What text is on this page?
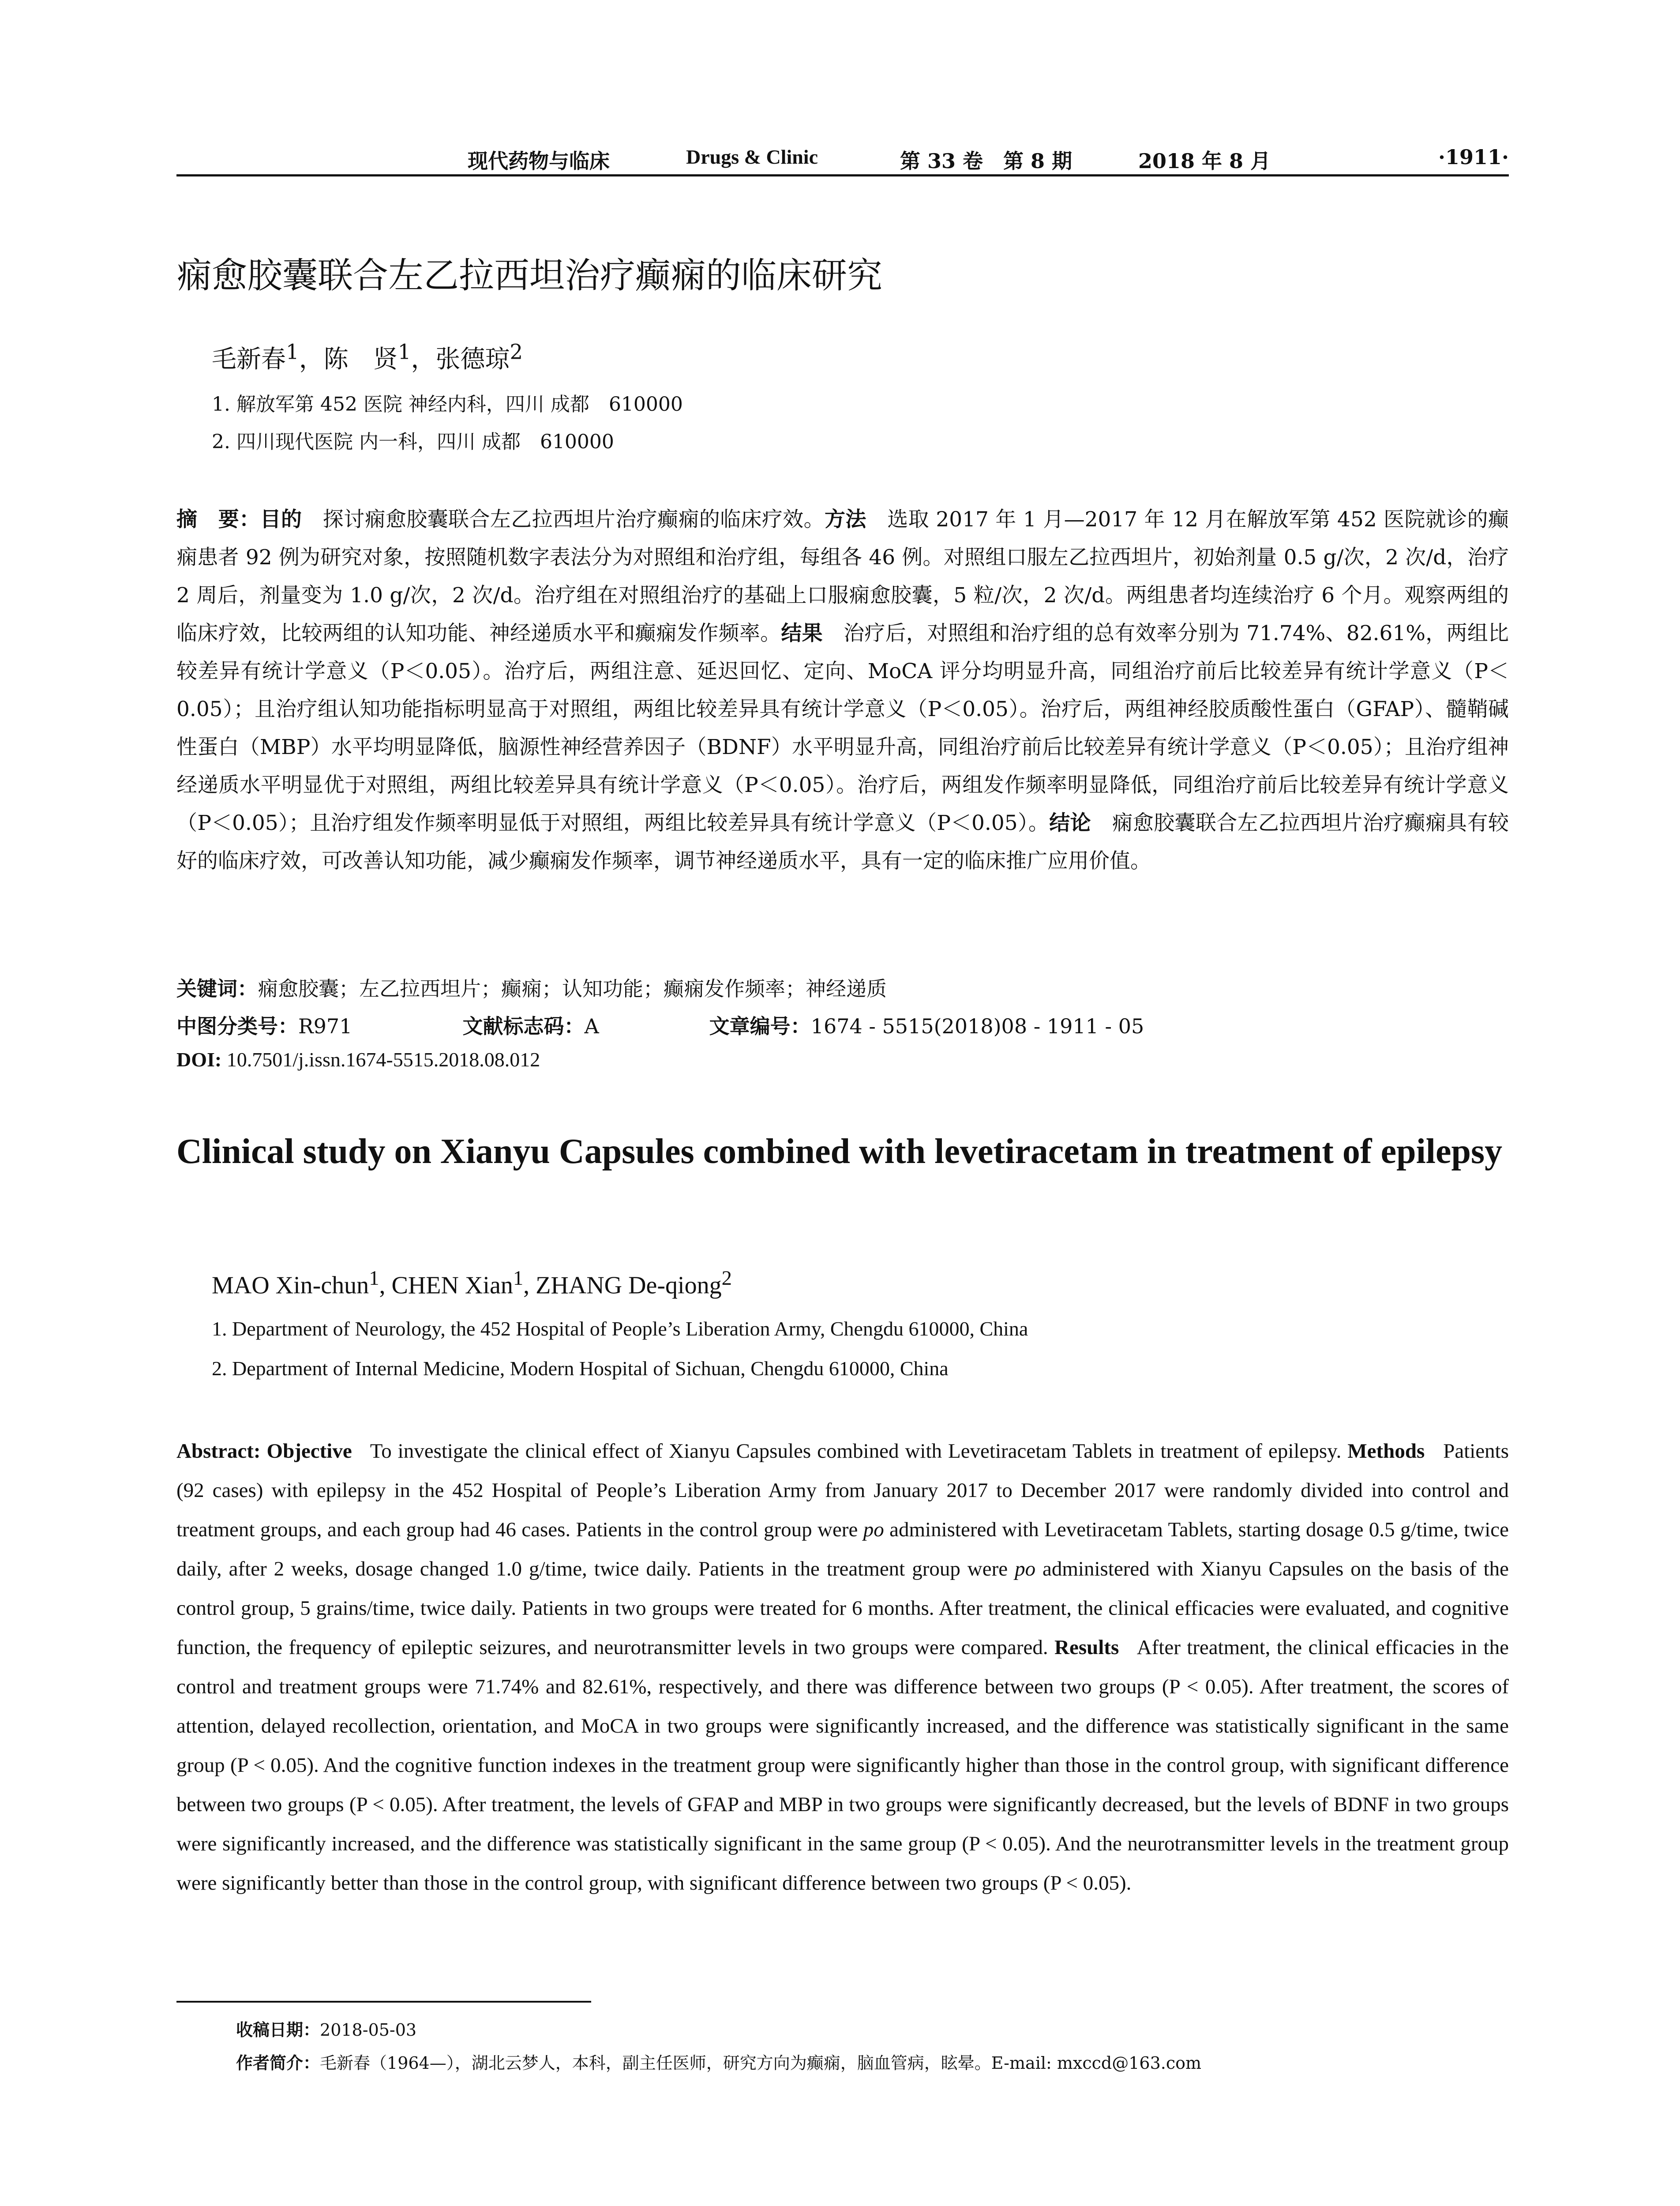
现代药物与临床	Drugs & Clinic	第 33 卷　第 8 期	2018 年 8 月	·1911·
痫愈胶囊联合左乙拉西坦治疗癫痫的临床研究
毛新春$^1$，陈　贤$^1$，张德琼$^2$
1. 解放军第 452 医院 神经内科，四川 成都　610000
2. 四川现代医院 内一科，四川 成都　610000

摘　要：目的　 探讨痫愈胶囊联合左乙拉西坦片治疗癫痫的临床疗效。方法　 选取 2017 年 1 月—2017 年 12 月在解放军第 452 医院就诊的癫痫患者 92 例为研究对象，按照随机数字表法分为对照组和治疗组，每组各 46 例。对照组口服左乙拉西坦片，初始剂量 0.5 g/次，2 次/d，治疗 2 周后，剂量变为 1.0 g/次，2 次/d。治疗组在对照组治疗的基础上口服痫愈胶囊，5 粒/次，2 次/d。两组患者均连续治疗 6 个月。观察两组的临床疗效，比较两组的认知功能、神经递质水平和癫痫发作频率。结果　 治疗后，对照组和治疗组的总有效率分别为 71.74%、82.61%，两组比较差异有统计学意义（P＜0.05）。治疗后，两组注意、延迟回忆、定向、MoCA 评分均明显升高，同组治疗前后比较差异有统计学意义（P＜0.05）；且治疗组认知功能指标明显高于对照组，两组比较差异具有统计学意义（P＜0.05）。治疗后，两组神经胶质酸性蛋白（GFAP）、髓鞘碱性蛋白（MBP）水平均明显降低，脑源性神经营养因子（BDNF）水平明显升高，同组治疗前后比较差异有统计学意义（P＜0.05）；且治疗组神经递质水平明显优于对照组，两组比较差异具有统计学意义（P＜0.05）。治疗后，两组发作频率明显降低，同组治疗前后比较差异有统计学意义（P＜0.05）；且治疗组发作频率明显低于对照组，两组比较差异具有统计学意义（P＜0.05）。结论　 痫愈胶囊联合左乙拉西坦片治疗癫痫具有较好的临床疗效，可改善认知功能，减少癫痫发作频率，调节神经递质水平，具有一定的临床推广应用价值。

关键词：痫愈胶囊；左乙拉西坦片；癫痫；认知功能；癫痫发作频率；神经递质
中图分类号：R971	文献标志码：A	文章编号：1674 - 5515(2018)08 - 1911 - 05
DOI: 10.7501/j.issn.1674-5515.2018.08.012
Clinical study on Xianyu Capsules combined with levetiracetam in treatment of epilepsy
MAO Xin-chun$^1$, CHEN Xian$^1$, ZHANG De-qiong$^2$
1. Department of Neurology, the 452 Hospital of People’s Liberation Army, Chengdu 610000, China
2. Department of Internal Medicine, Modern Hospital of Sichuan, Chengdu 610000, China

Abstract: Objective To investigate the clinical effect of Xianyu Capsules combined with Levetiracetam Tablets in treatment of epilepsy. Methods Patients (92 cases) with epilepsy in the 452 Hospital of People’s Liberation Army from January 2017 to December 2017 were randomly divided into control and treatment groups, and each group had 46 cases. Patients in the control group were po administered with Levetiracetam Tablets, starting dosage 0.5 g/time, twice daily, after 2 weeks, dosage changed 1.0 g/time, twice daily. Patients in the treatment group were po administered with Xianyu Capsules on the basis of the control group, 5 grains/time, twice daily. Patients in two groups were treated for 6 months. After treatment, the clinical efficacies were evaluated, and cognitive function, the frequency of epileptic seizures, and neurotransmitter levels in two groups were compared. Results After treatment, the clinical efficacies in the control and treatment groups were 71.74% and 82.61%, respectively, and there was difference between two groups (P < 0.05). After treatment, the scores of attention, delayed recollection, orientation, and MoCA in two groups were significantly increased, and the difference was statistically significant in the same group (P < 0.05). And the cognitive function indexes in the treatment group were significantly higher than those in the control group, with significant difference between two groups (P < 0.05). After treatment, the levels of GFAP and MBP in two groups were significantly decreased, but the levels of BDNF in two groups were significantly increased, and the difference was statistically significant in the same group (P < 0.05). And the neurotransmitter levels in the treatment group were significantly better than those in the control group, with significant difference between two groups (P < 0.05).

收稿日期：2018-05-03
作者简介：毛新春（1964—），湖北云梦人，本科，副主任医师，研究方向为癫痫，脑血管病，眩晕。E-mail: mxccd@163.com
